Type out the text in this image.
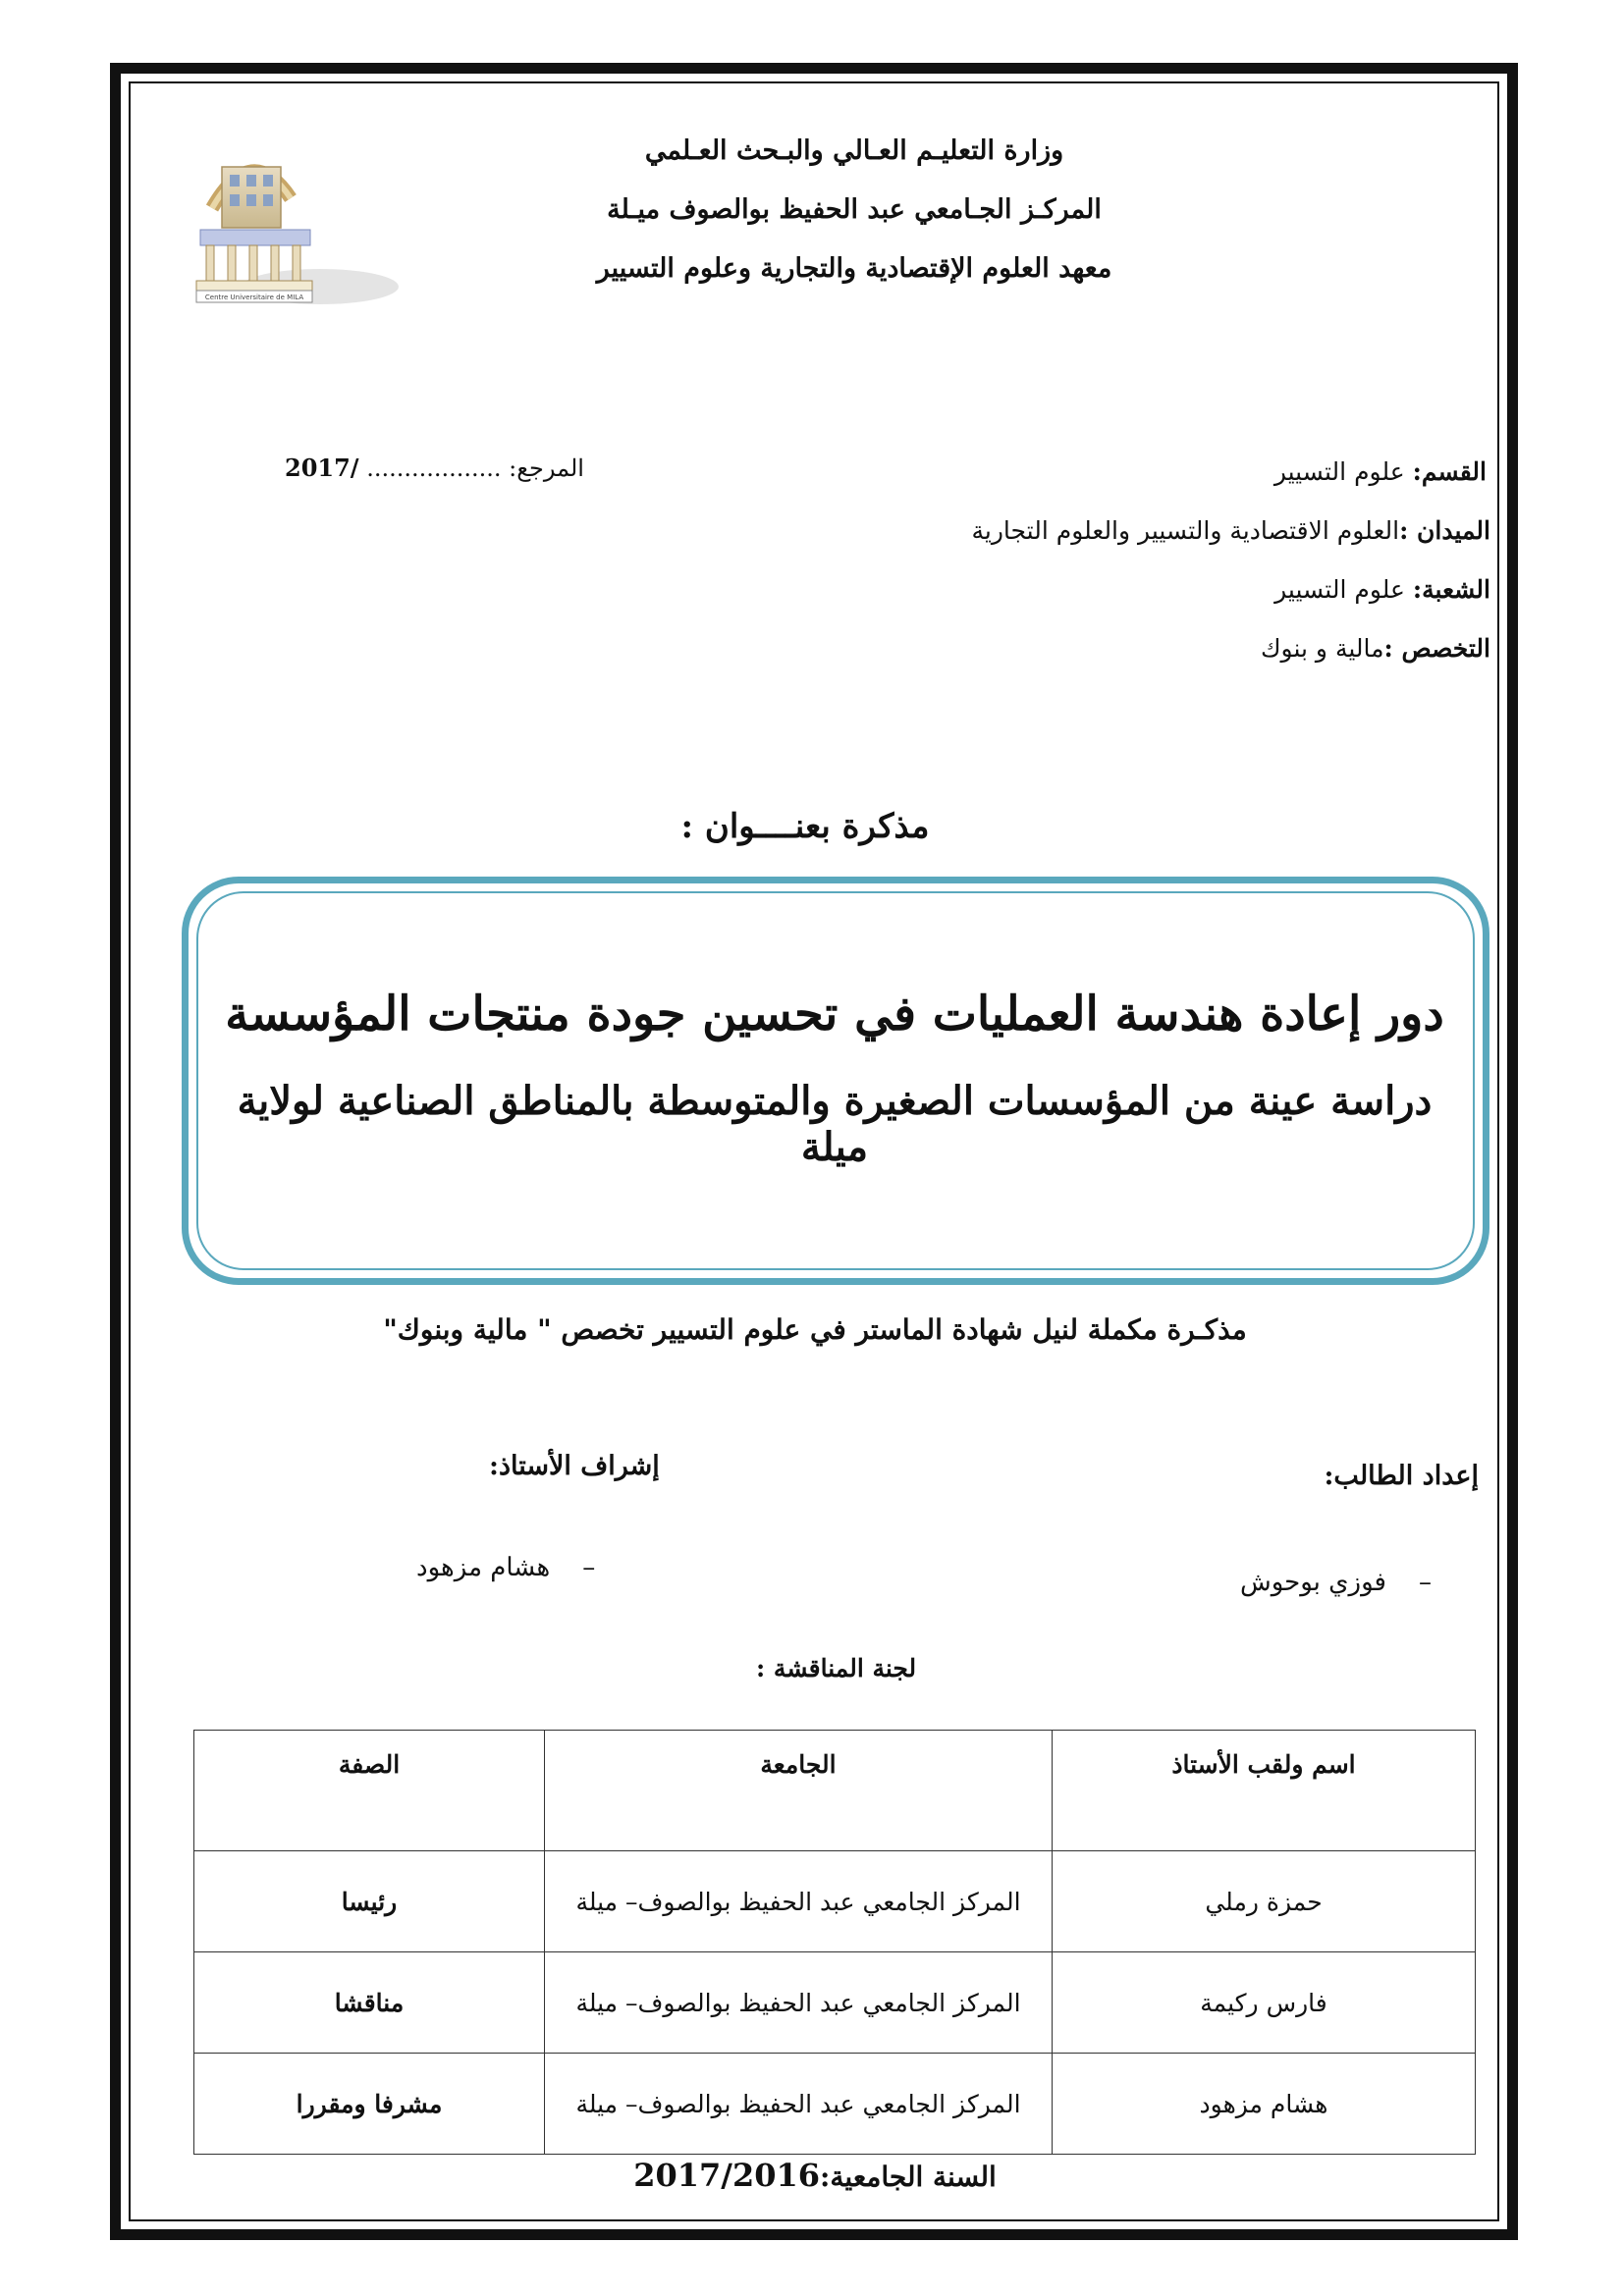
Centre Universitaire de MILA
وزارة التعليـم العـالي والبـحث العـلمي
المركـز الجـامعي عبد الحفيظ بوالصوف ميـلة
معهد العلوم الإقتصادية والتجارية وعلوم التسيير
المرجع: .................. /2017	القسم: علوم التسيير
الميدان :العلوم الاقتصادية والتسيير والعلوم التجارية
الشعبة: علوم التسيير
التخصص :مالية و بنوك
مذكرة بعنــــوان :
دور إعادة هندسة العمليات في تحسين جودة منتجات المؤسسة
دراسة عينة من المؤسسات الصغيرة والمتوسطة بالمناطق الصناعية لولاية ميلة
مذكـرة مكملة لنيل شهادة الماستر في علوم التسيير تخصص " مالية وبنوك"
إعداد الطالب:
إشراف الأستاذ:
–    فوزي بوحوش
–    هشام مزهود
لجنة المناقشة :
اسم ولقب الأستاذ	الجامعة	الصفة
حمزة رملي	المركز الجامعي عبد الحفيظ بوالصوف– ميلة	رئيسا
فارس ركيمة	المركز الجامعي عبد الحفيظ بوالصوف– ميلة	مناقشا
هشام مزهود	المركز الجامعي عبد الحفيظ بوالصوف– ميلة	مشرفا ومقررا
السنة الجامعية:2017/2016
